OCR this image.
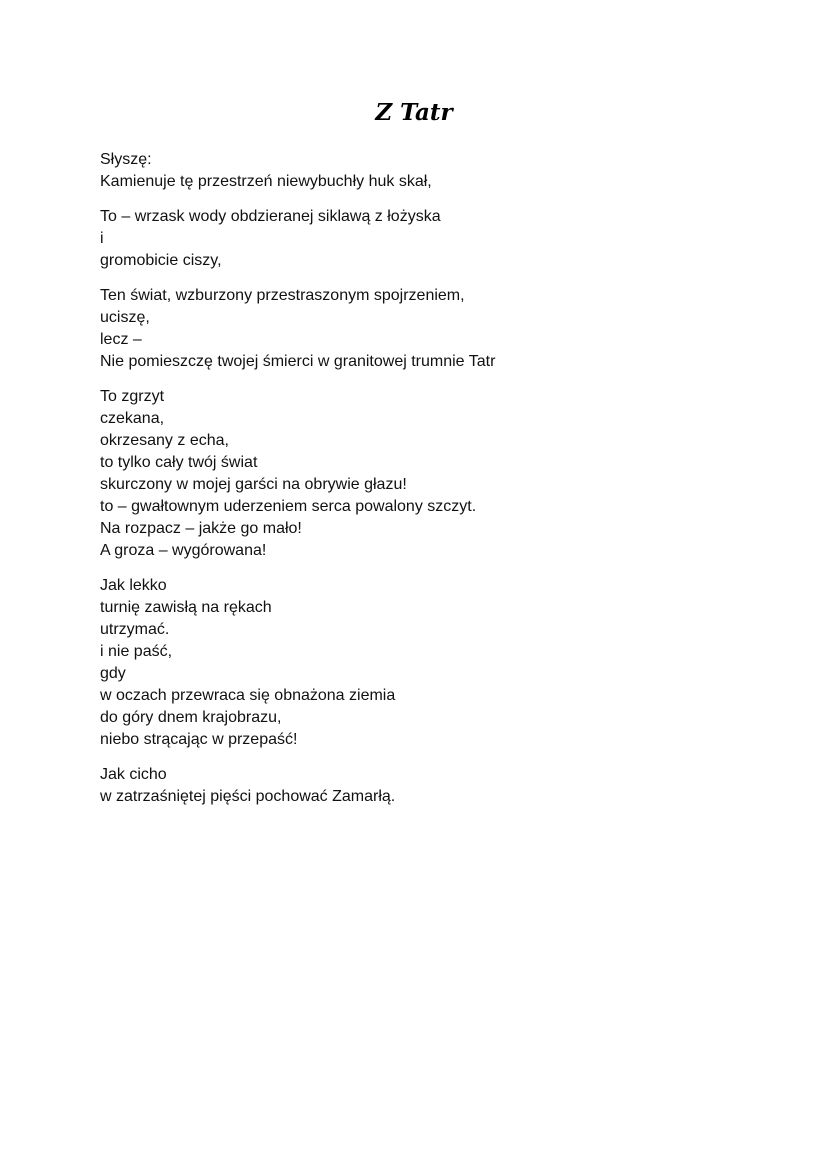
Z Tatr
Słyszę:
Kamienuje tę przestrzeń niewybuchły huk skał,
To – wrzask wody obdzieranej siklawą z łożyska
i
gromobicie ciszy,
Ten świat, wzburzony przestraszonym spojrzeniem,
uciszę,
lecz –
Nie pomieszczę twojej śmierci w granitowej trumnie Tatr
To zgrzyt
czekana,
okrzesany z echa,
to tylko cały twój świat
skurczony w mojej garści na obrywie głazu!
to – gwałtownym uderzeniem serca powalony szczyt.
Na rozpacz – jakże go mało!
A groza – wygórowana!
Jak lekko
turnię zawisłą na rękach
utrzymać.
i nie paść,
gdy
w oczach przewraca się obnażona ziemia
do góry dnem krajobrazu,
niebo strącając w przepaść!
Jak cicho
w zatrzaśniętej pięści pochować Zamarłą.
